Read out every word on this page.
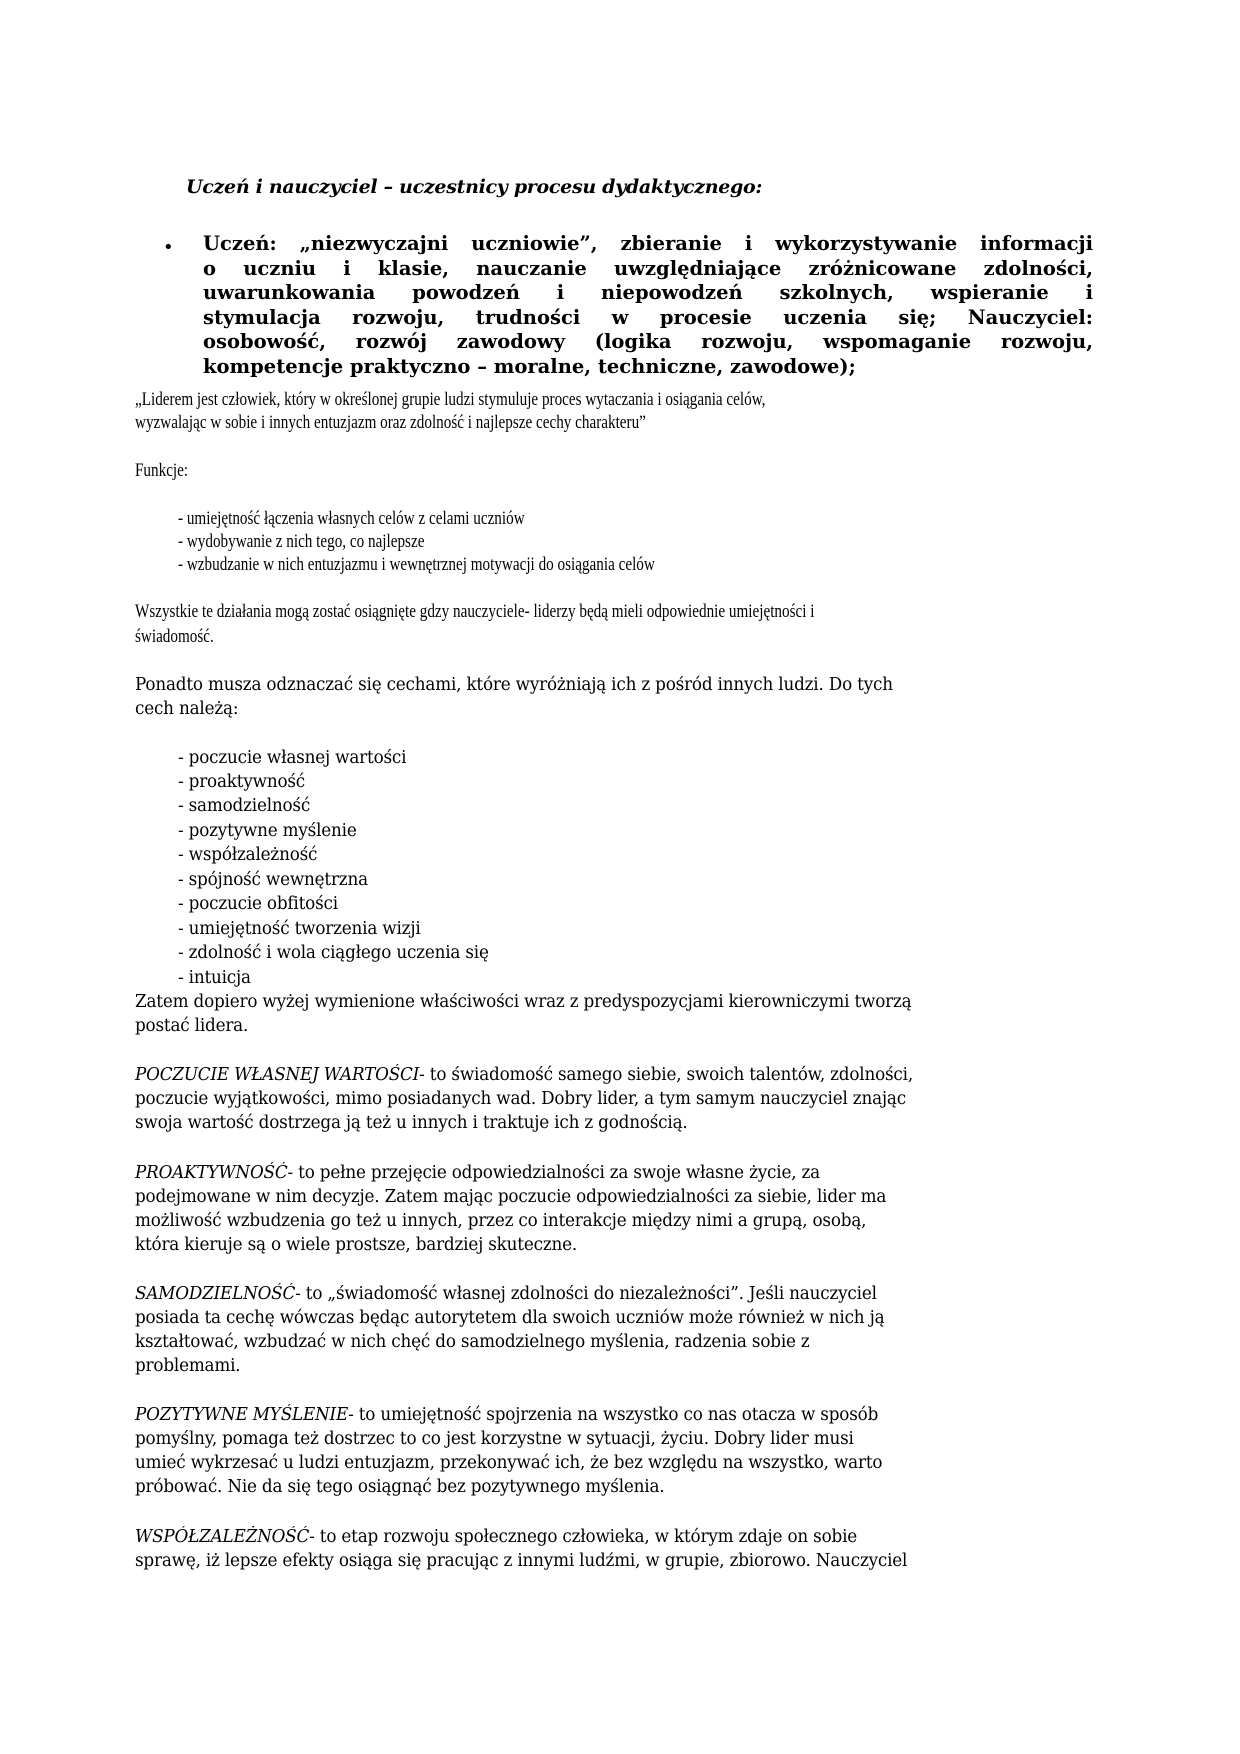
Uczeń i nauczyciel – uczestnicy procesu dydaktycznego:
• Uczeń: „niezwyczajni uczniowie”, zbieranie i wykorzystywanie informacji
o uczniu i klasie, nauczanie uwzględniające zróżnicowane zdolności,
uwarunkowania powodzeń i niepowodzeń szkolnych, wspieranie i
stymulacja rozwoju, trudności w procesie uczenia się; Nauczyciel:
osobowość, rozwój zawodowy (logika rozwoju, wspomaganie rozwoju,
kompetencje praktyczno – moralne, techniczne, zawodowe);
„Liderem jest człowiek, który w określonej grupie ludzi stymuluje proces wytaczania i osiągania celów,
wyzwalając w sobie i innych entuzjazm oraz zdolność i najlepsze cechy charakteru”
Funkcje:
- umiejętność łączenia własnych celów z celami uczniów
- wydobywanie z nich tego, co najlepsze
- wzbudzanie w nich entuzjazmu i wewnętrznej motywacji do osiągania celów
Wszystkie te działania mogą zostać osiągnięte gdzy nauczyciele- liderzy będą mieli odpowiednie umiejętności i
świadomość.
Ponadto musza odznaczać się cechami, które wyróżniają ich z pośród innych ludzi. Do tych
cech należą:
- poczucie własnej wartości
- proaktywność
- samodzielność
- pozytywne myślenie
- współzależność
- spójność wewnętrzna
- poczucie obfitości
- umiejętność tworzenia wizji
- zdolność i wola ciągłego uczenia się
- intuicja
Zatem dopiero wyżej wymienione właściwości wraz z predyspozycjami kierowniczymi tworzą
postać lidera.
POCZUCIE WŁASNEJ WARTOŚCI- to świadomość samego siebie, swoich talentów, zdolności,
poczucie wyjątkowości, mimo posiadanych wad. Dobry lider, a tym samym nauczyciel znając
swoja wartość dostrzega ją też u innych i traktuje ich z godnością.
PROAKTYWNOŚĆ- to pełne przejęcie odpowiedzialności za swoje własne życie, za
podejmowane w nim decyzje. Zatem mając poczucie odpowiedzialności za siebie, lider ma
możliwość wzbudzenia go też u innych, przez co interakcje między nimi a grupą, osobą,
która kieruje są o wiele prostsze, bardziej skuteczne.
SAMODZIELNOŚĆ- to „świadomość własnej zdolności do niezależności”. Jeśli nauczyciel
posiada ta cechę wówczas będąc autorytetem dla swoich uczniów może również w nich ją
kształtować, wzbudzać w nich chęć do samodzielnego myślenia, radzenia sobie z
problemami.
POZYTYWNE MYŚLENIE- to umiejętność spojrzenia na wszystko co nas otacza w sposób
pomyślny, pomaga też dostrzec to co jest korzystne w sytuacji, życiu. Dobry lider musi
umieć wykrzesać u ludzi entuzjazm, przekonywać ich, że bez względu na wszystko, warto
próbować. Nie da się tego osiągnąć bez pozytywnego myślenia.
WSPÓŁZALEŻNOŚĆ- to etap rozwoju społecznego człowieka, w którym zdaje on sobie
sprawę, iż lepsze efekty osiąga się pracując z innymi ludźmi, w grupie, zbiorowo. Nauczyciel
